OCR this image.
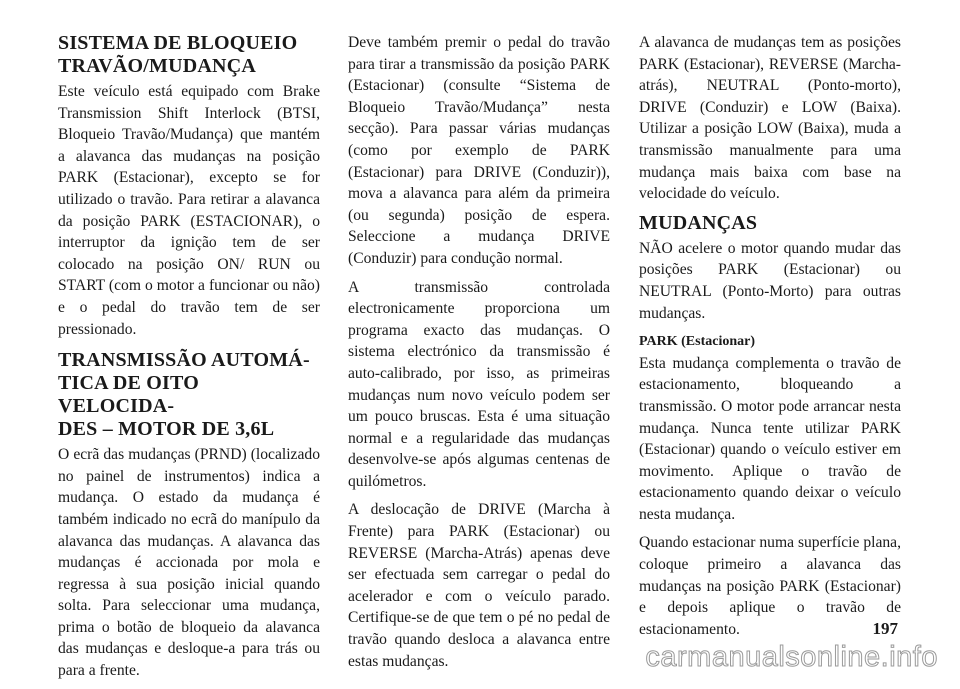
SISTEMA DE BLOQUEIO
TRAVÃO/MUDANÇA

Este veículo está equipado com Brake Transmission Shift Interlock (BTSI, Bloqueio Travão/Mudança) que mantém a alavanca das mudanças na posição PARK (Estacionar), excepto se for utilizado o travão. Para retirar a alavanca da posição PARK (ESTACIONAR), o interruptor da ignição tem de ser colocado na posição ON/ RUN ou START (com o motor a funcionar ou não) e o pedal do travão tem de ser pressionado.

TRANSMISSÃO AUTOMÁ-
TICA DE OITO VELOCIDA-
DES – MOTOR DE 3,6L

O ecrã das mudanças (PRND) (localizado no painel de instrumentos) indica a mudança. O estado da mudança é também indicado no ecrã do manípulo da alavanca das mudanças. A alavanca das mudanças é accionada por mola e regressa à sua posição inicial quando solta. Para seleccionar uma mudança, prima o botão de bloqueio da alavanca das mudanças e desloque-a para trás ou para a frente.

Deve também premir o pedal do travão para tirar a transmissão da posição PARK (Estacionar) (consulte “Sistema de Bloqueio Travão/Mudança” nesta secção). Para passar várias mudanças (como por exemplo de PARK (Estacionar) para DRIVE (Conduzir)), mova a alavanca para além da primeira (ou segunda) posição de espera. Seleccione a mudança DRIVE (Conduzir) para condução normal.

A transmissão controlada electronicamente proporciona um programa exacto das mudanças. O sistema electrónico da transmissão é auto-calibrado, por isso, as primeiras mudanças num novo veículo podem ser um pouco bruscas. Esta é uma situação normal e a regularidade das mudanças desenvolve-se após algumas centenas de quilómetros.

A deslocação de DRIVE (Marcha à Frente) para PARK (Estacionar) ou REVERSE (Marcha-Atrás) apenas deve ser efectuada sem carregar o pedal do acelerador e com o veículo parado. Certifique-se de que tem o pé no pedal de travão quando desloca a alavanca entre estas mudanças.

A alavanca de mudanças tem as posições PARK (Estacionar), REVERSE (Marcha-atrás), NEUTRAL (Ponto-morto), DRIVE (Conduzir) e LOW (Baixa). Utilizar a posição LOW (Baixa), muda a transmissão manualmente para uma mudança mais baixa com base na velocidade do veículo.

MUDANÇAS

NÃO acelere o motor quando mudar das posições PARK (Estacionar) ou NEUTRAL (Ponto-Morto) para outras mudanças.

PARK (Estacionar)

Esta mudança complementa o travão de estacionamento, bloqueando a transmissão. O motor pode arrancar nesta mudança. Nunca tente utilizar PARK (Estacionar) quando o veículo estiver em movimento. Aplique o travão de estacionamento quando deixar o veículo nesta mudança.

Quando estacionar numa superfície plana, coloque primeiro a alavanca das mudanças na posição PARK (Estacionar) e depois aplique o travão de estacionamento.	197
carmanualsonline.info
